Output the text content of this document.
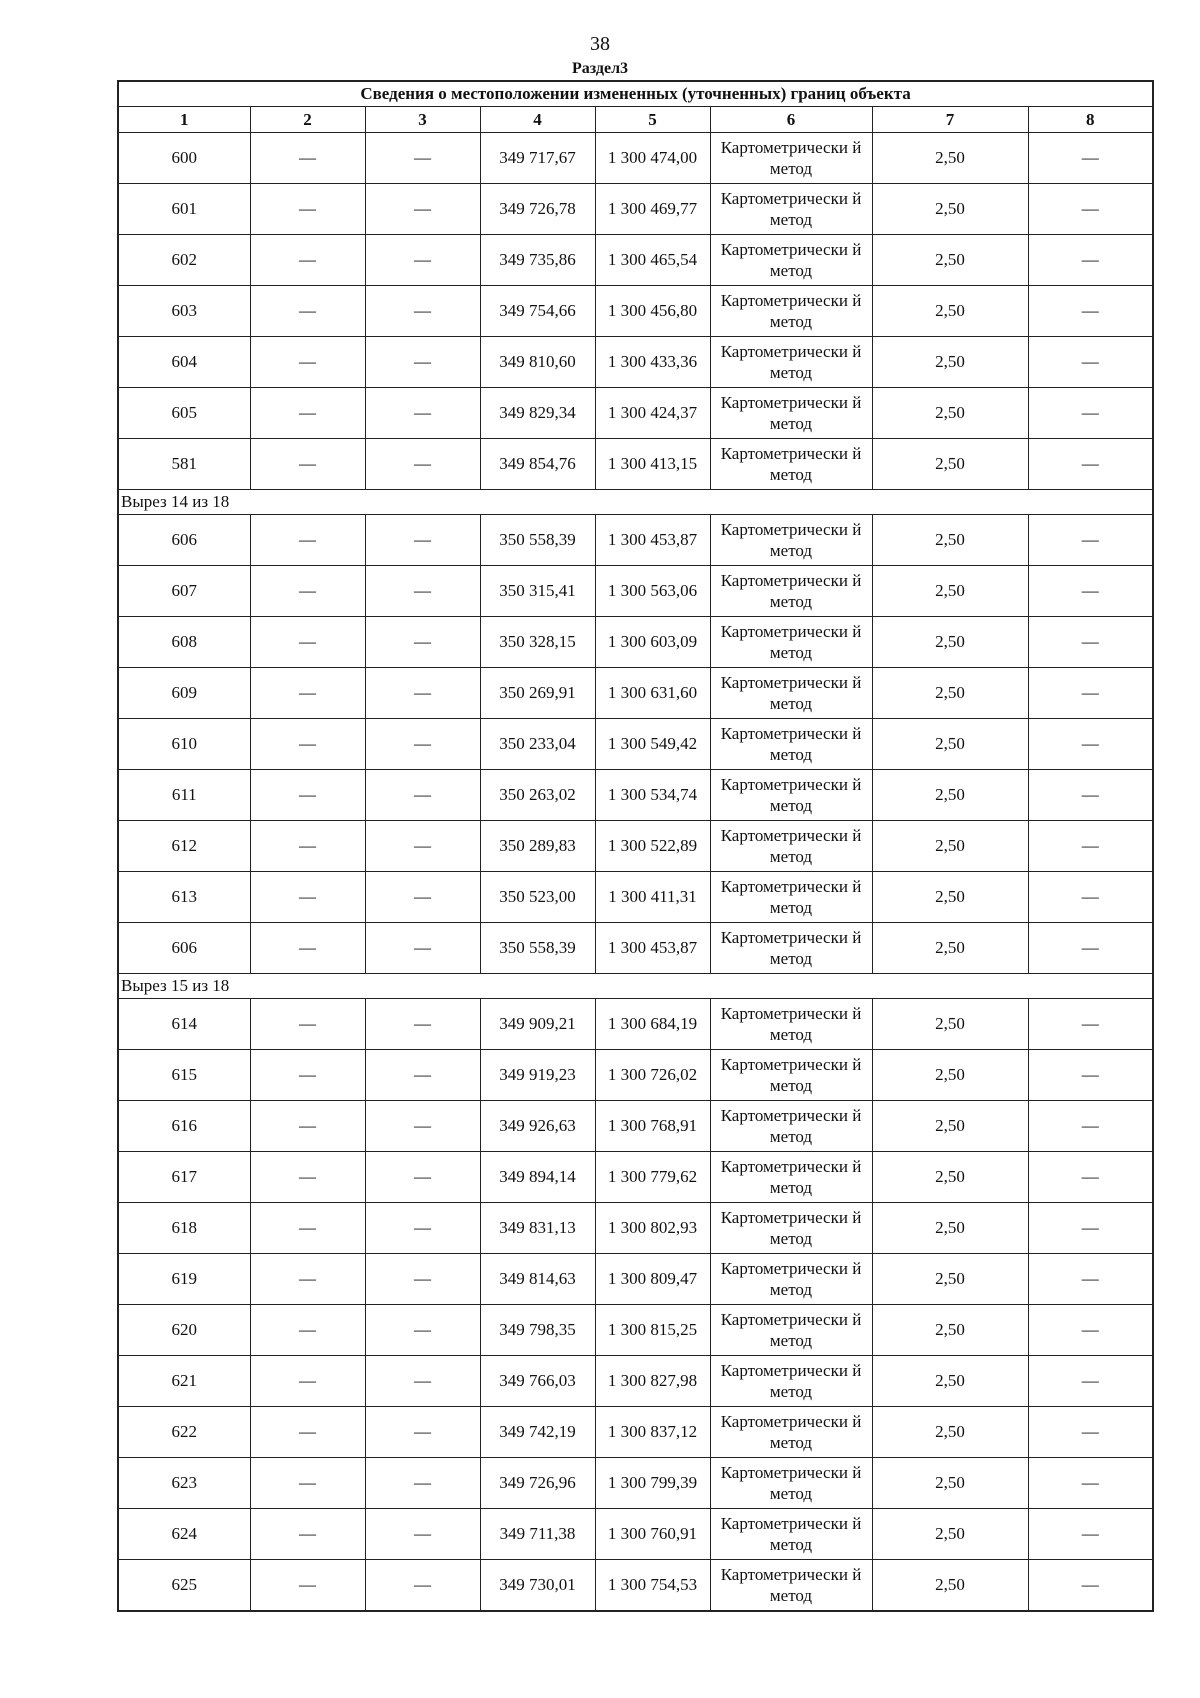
38
Раздел3
Сведения о местоположении измененных (уточненных) границ объекта							
1	2	3	4	5	6	7	8
600	—	—	349 717,67	1 300 474,00	Картометрически й метод	2,50	—
601	—	—	349 726,78	1 300 469,77	Картометрически й метод	2,50	—
602	—	—	349 735,86	1 300 465,54	Картометрически й метод	2,50	—
603	—	—	349 754,66	1 300 456,80	Картометрически й метод	2,50	—
604	—	—	349 810,60	1 300 433,36	Картометрически й метод	2,50	—
605	—	—	349 829,34	1 300 424,37	Картометрически й метод	2,50	—
581	—	—	349 854,76	1 300 413,15	Картометрически й метод	2,50	—
Вырез 14 из 18							
606	—	—	350 558,39	1 300 453,87	Картометрически й метод	2,50	—
607	—	—	350 315,41	1 300 563,06	Картометрически й метод	2,50	—
608	—	—	350 328,15	1 300 603,09	Картометрически й метод	2,50	—
609	—	—	350 269,91	1 300 631,60	Картометрически й метод	2,50	—
610	—	—	350 233,04	1 300 549,42	Картометрически й метод	2,50	—
611	—	—	350 263,02	1 300 534,74	Картометрически й метод	2,50	—
612	—	—	350 289,83	1 300 522,89	Картометрически й метод	2,50	—
613	—	—	350 523,00	1 300 411,31	Картометрически й метод	2,50	—
606	—	—	350 558,39	1 300 453,87	Картометрически й метод	2,50	—
Вырез 15 из 18							
614	—	—	349 909,21	1 300 684,19	Картометрически й метод	2,50	—
615	—	—	349 919,23	1 300 726,02	Картометрически й метод	2,50	—
616	—	—	349 926,63	1 300 768,91	Картометрически й метод	2,50	—
617	—	—	349 894,14	1 300 779,62	Картометрически й метод	2,50	—
618	—	—	349 831,13	1 300 802,93	Картометрически й метод	2,50	—
619	—	—	349 814,63	1 300 809,47	Картометрически й метод	2,50	—
620	—	—	349 798,35	1 300 815,25	Картометрически й метод	2,50	—
621	—	—	349 766,03	1 300 827,98	Картометрически й метод	2,50	—
622	—	—	349 742,19	1 300 837,12	Картометрически й метод	2,50	—
623	—	—	349 726,96	1 300 799,39	Картометрически й метод	2,50	—
624	—	—	349 711,38	1 300 760,91	Картометрически й метод	2,50	—
625	—	—	349 730,01	1 300 754,53	Картометрически й метод	2,50	—
